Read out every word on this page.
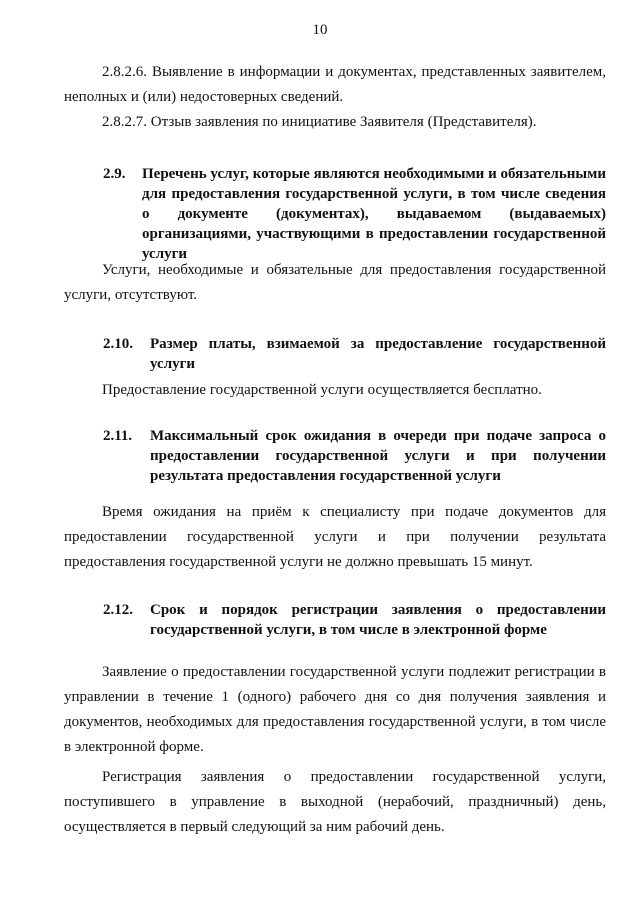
10
2.8.2.6. Выявление в информации и документах, представленных заявителем, неполных и (или) недостоверных сведений.
2.8.2.7. Отзыв заявления по инициативе Заявителя (Представителя).
2.9. Перечень услуг, которые являются необходимыми и обязательными для предоставления государственной услуги, в том числе сведения о документе (документах), выдаваемом (выдаваемых) организациями, участвующими в предоставлении государственной услуги
Услуги, необходимые и обязательные для предоставления государственной услуги, отсутствуют.
2.10. Размер платы, взимаемой за предоставление государственной
услуги
Предоставление государственной услуги осуществляется бесплатно.
2.11. Максимальный срок ожидания в очереди при подаче запроса о предоставлении государственной услуги и при получении результата предоставления государственной услуги
Время ожидания на приём к специалисту при подаче документов для предоставлении государственной услуги и при получении результата предоставления государственной услуги не должно превышать 15 минут.
2.12. Срок и порядок регистрации заявления о предоставлении государственной услуги, в том числе в электронной форме
Заявление о предоставлении государственной услуги подлежит регистрации в управлении в течение 1 (одного) рабочего дня со дня получения заявления и документов, необходимых для предоставления государственной услуги, в том числе в электронной форме.
Регистрация заявления о предоставлении государственной услуги, поступившего в управление в выходной (нерабочий, праздничный) день, осуществляется в первый следующий за ним рабочий день.
